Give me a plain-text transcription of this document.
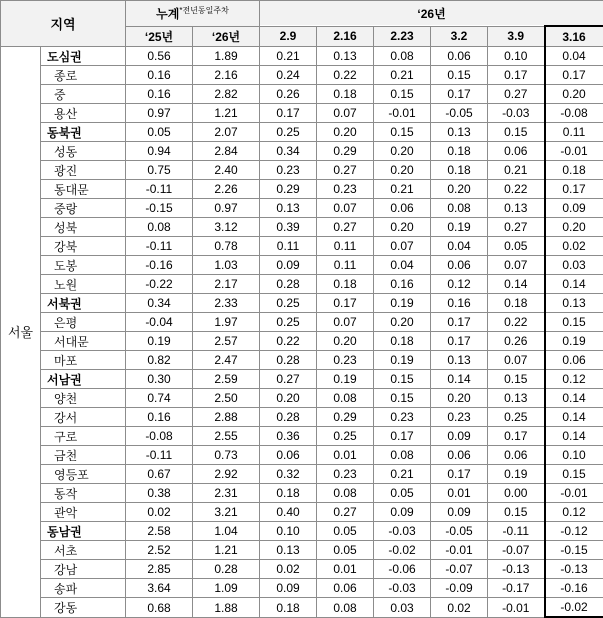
지역		누계$^{*전년동일주차}$		‘26년					
		‘25년	‘26년	2.9	2.16	2.23	3.2	3.9	3.16
서울	도심권	0.56	1.89	0.21	0.13	0.08	0.06	0.10	0.04
	종로	0.16	2.16	0.24	0.22	0.21	0.15	0.17	0.17
	중	0.16	2.82	0.26	0.18	0.15	0.17	0.27	0.20
	용산	0.97	1.21	0.17	0.07	-0.01	-0.05	-0.03	-0.08
	동북권	0.05	2.07	0.25	0.20	0.15	0.13	0.15	0.11
	성동	0.94	2.84	0.34	0.29	0.20	0.18	0.06	-0.01
	광진	0.75	2.40	0.23	0.27	0.20	0.18	0.21	0.18
	동대문	-0.11	2.26	0.29	0.23	0.21	0.20	0.22	0.17
	중랑	-0.15	0.97	0.13	0.07	0.06	0.08	0.13	0.09
	성북	0.08	3.12	0.39	0.27	0.20	0.19	0.27	0.20
	강북	-0.11	0.78	0.11	0.11	0.07	0.04	0.05	0.02
	도봉	-0.16	1.03	0.09	0.11	0.04	0.06	0.07	0.03
	노원	-0.22	2.17	0.28	0.18	0.16	0.12	0.14	0.14
	서북권	0.34	2.33	0.25	0.17	0.19	0.16	0.18	0.13
	은평	-0.04	1.97	0.25	0.07	0.20	0.17	0.22	0.15
	서대문	0.19	2.57	0.22	0.20	0.18	0.17	0.26	0.19
	마포	0.82	2.47	0.28	0.23	0.19	0.13	0.07	0.06
	서남권	0.30	2.59	0.27	0.19	0.15	0.14	0.15	0.12
	양천	0.74	2.50	0.20	0.08	0.15	0.20	0.13	0.14
	강서	0.16	2.88	0.28	0.29	0.23	0.23	0.25	0.14
	구로	-0.08	2.55	0.36	0.25	0.17	0.09	0.17	0.14
	금천	-0.11	0.73	0.06	0.01	0.08	0.06	0.06	0.10
	영등포	0.67	2.92	0.32	0.23	0.21	0.17	0.19	0.15
	동작	0.38	2.31	0.18	0.08	0.05	0.01	0.00	-0.01
	관악	0.02	3.21	0.40	0.27	0.09	0.09	0.15	0.12
	동남권	2.58	1.04	0.10	0.05	-0.03	-0.05	-0.11	-0.12
	서초	2.52	1.21	0.13	0.05	-0.02	-0.01	-0.07	-0.15
	강남	2.85	0.28	0.02	0.01	-0.06	-0.07	-0.13	-0.13
	송파	3.64	1.09	0.09	0.06	-0.03	-0.09	-0.17	-0.16
	강동	0.68	1.88	0.18	0.08	0.03	0.02	-0.01	-0.02
